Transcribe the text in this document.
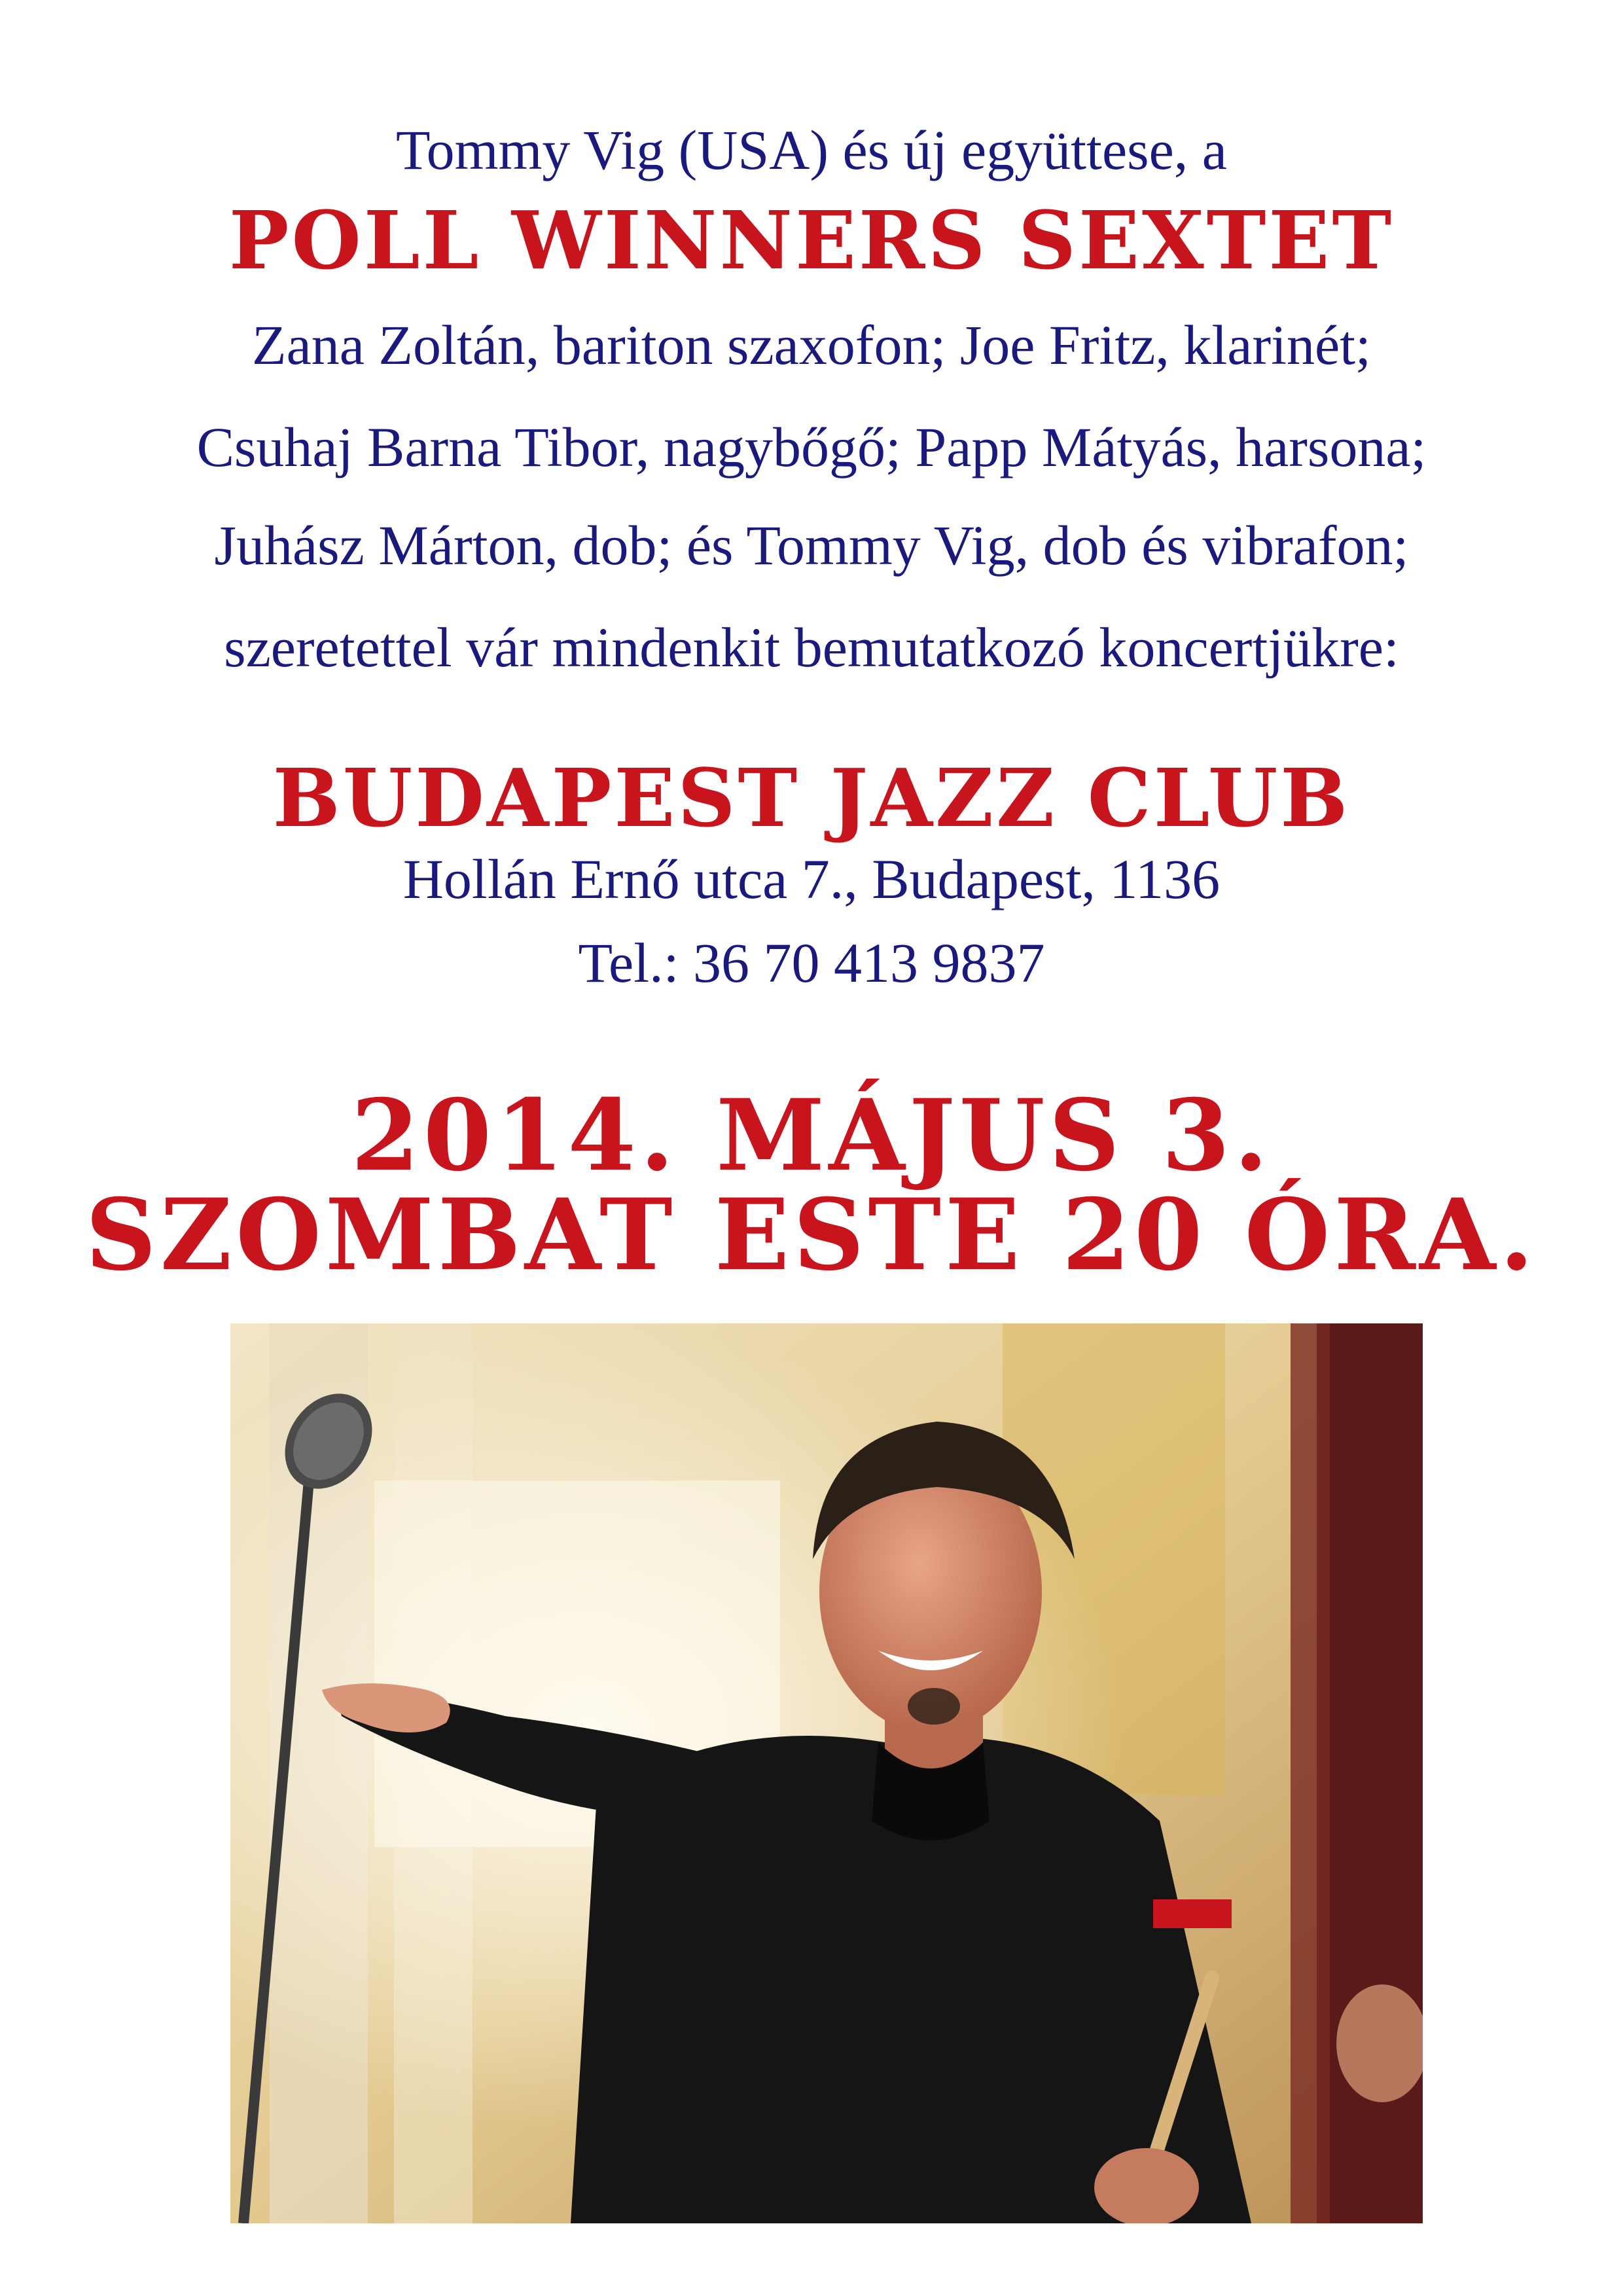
Tommy Vig (USA) és új együttese, a
POLL WINNERS SEXTET
Zana Zoltán, bariton szaxofon; Joe Fritz, klarinét;
Csuhaj Barna Tibor, nagybőgő; Papp Mátyás, harsona;
Juhász Márton, dob; és Tommy Vig, dob és vibrafon;
szeretettel vár mindenkit bemutatkozó koncertjükre:
BUDAPEST JAZZ CLUB
Hollán Ernő utca 7., Budapest, 1136
Tel.: 36 70 413 9837
2014. MÁJUS 3.
SZOMBAT ESTE 20 ÓRA.
